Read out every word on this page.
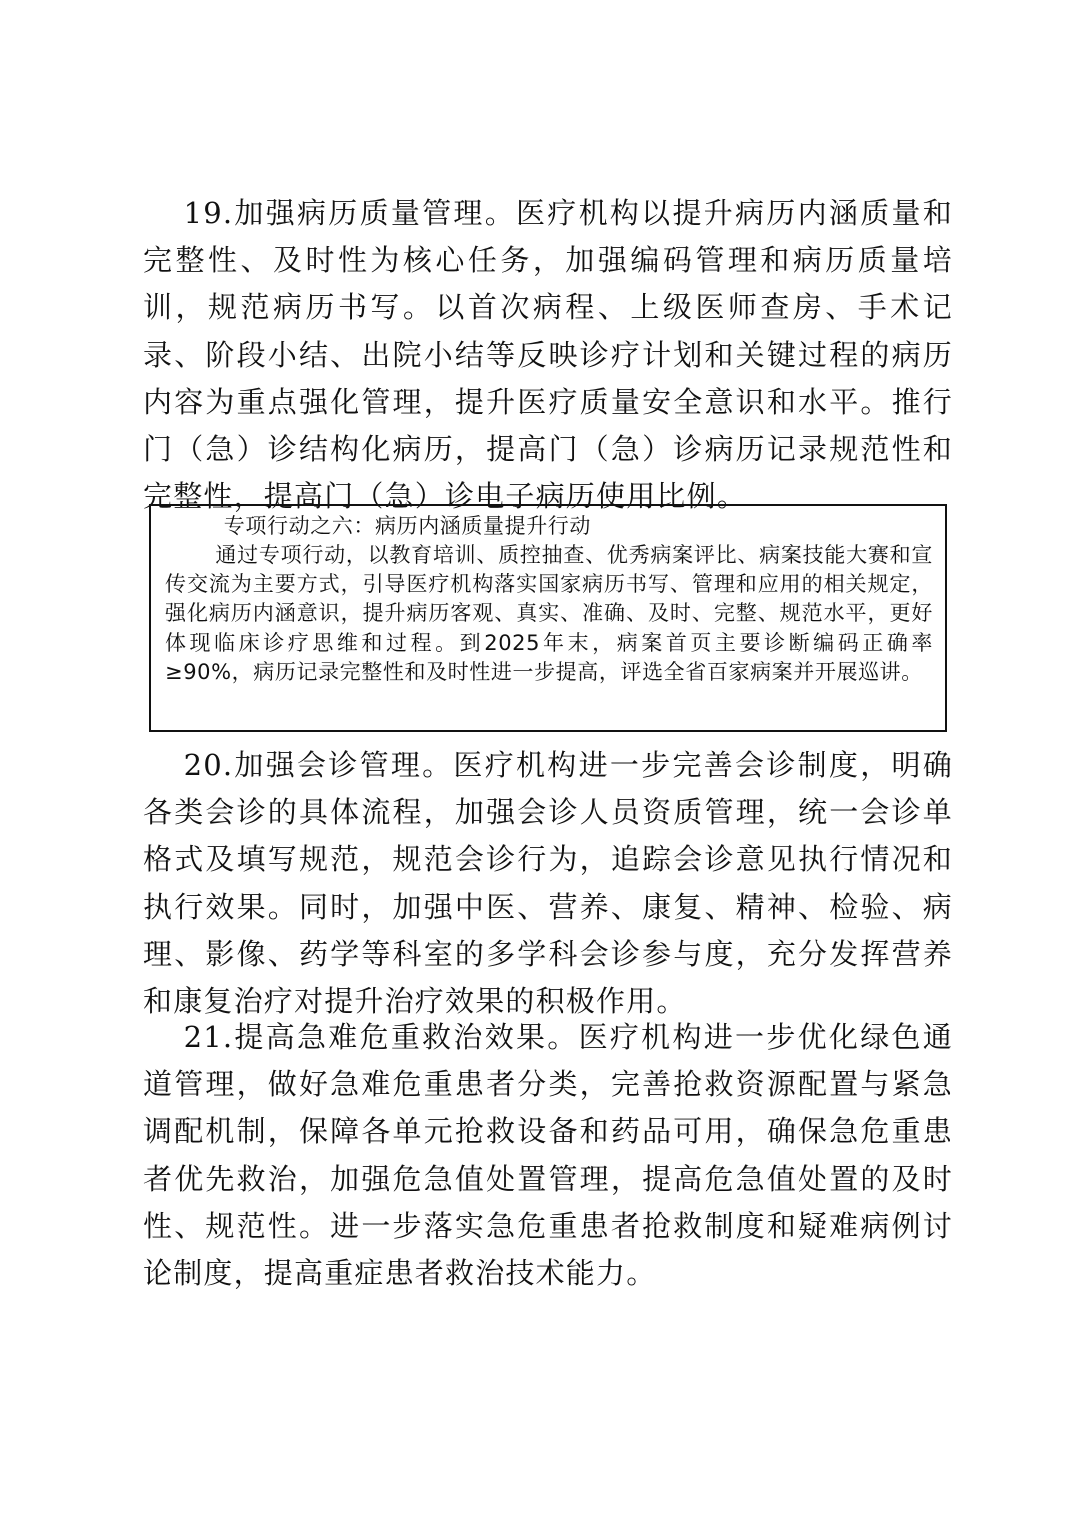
19.加强病历质量管理。医疗机构以提升病历内涵质量和完整性、及时性为核心任务，加强编码管理和病历质量培训，规范病历书写。以首次病程、上级医师查房、手术记录、阶段小结、出院小结等反映诊疗计划和关键过程的病历内容为重点强化管理，提升医疗质量安全意识和水平。推行门（急）诊结构化病历，提高门（急）诊病历记录规范性和完整性，提高门（急）诊电子病历使用比例。

专项行动之六：病历内涵质量提升行动

通过专项行动，以教育培训、质控抽查、优秀病案评比、病案技能大赛和宣传交流为主要方式，引导医疗机构落实国家病历书写、管理和应用的相关规定，强化病历内涵意识，提升病历客观、真实、准确、及时、完整、规范水平，更好体现临床诊疗思维和过程。到2025年末，病案首页主要诊断编码正确率≥90%，病历记录完整性和及时性进一步提高，评选全省百家病案并开展巡讲。

20.加强会诊管理。医疗机构进一步完善会诊制度，明确各类会诊的具体流程，加强会诊人员资质管理，统一会诊单格式及填写规范，规范会诊行为，追踪会诊意见执行情况和执行效果。同时，加强中医、营养、康复、精神、检验、病理、影像、药学等科室的多学科会诊参与度，充分发挥营养和康复治疗对提升治疗效果的积极作用。

21.提高急难危重救治效果。医疗机构进一步优化绿色通道管理，做好急难危重患者分类，完善抢救资源配置与紧急调配机制，保障各单元抢救设备和药品可用，确保急危重患者优先救治，加强危急值处置管理，提高危急值处置的及时性、规范性。进一步落实急危重患者抢救制度和疑难病例讨论制度，提高重症患者救治技术能力。
